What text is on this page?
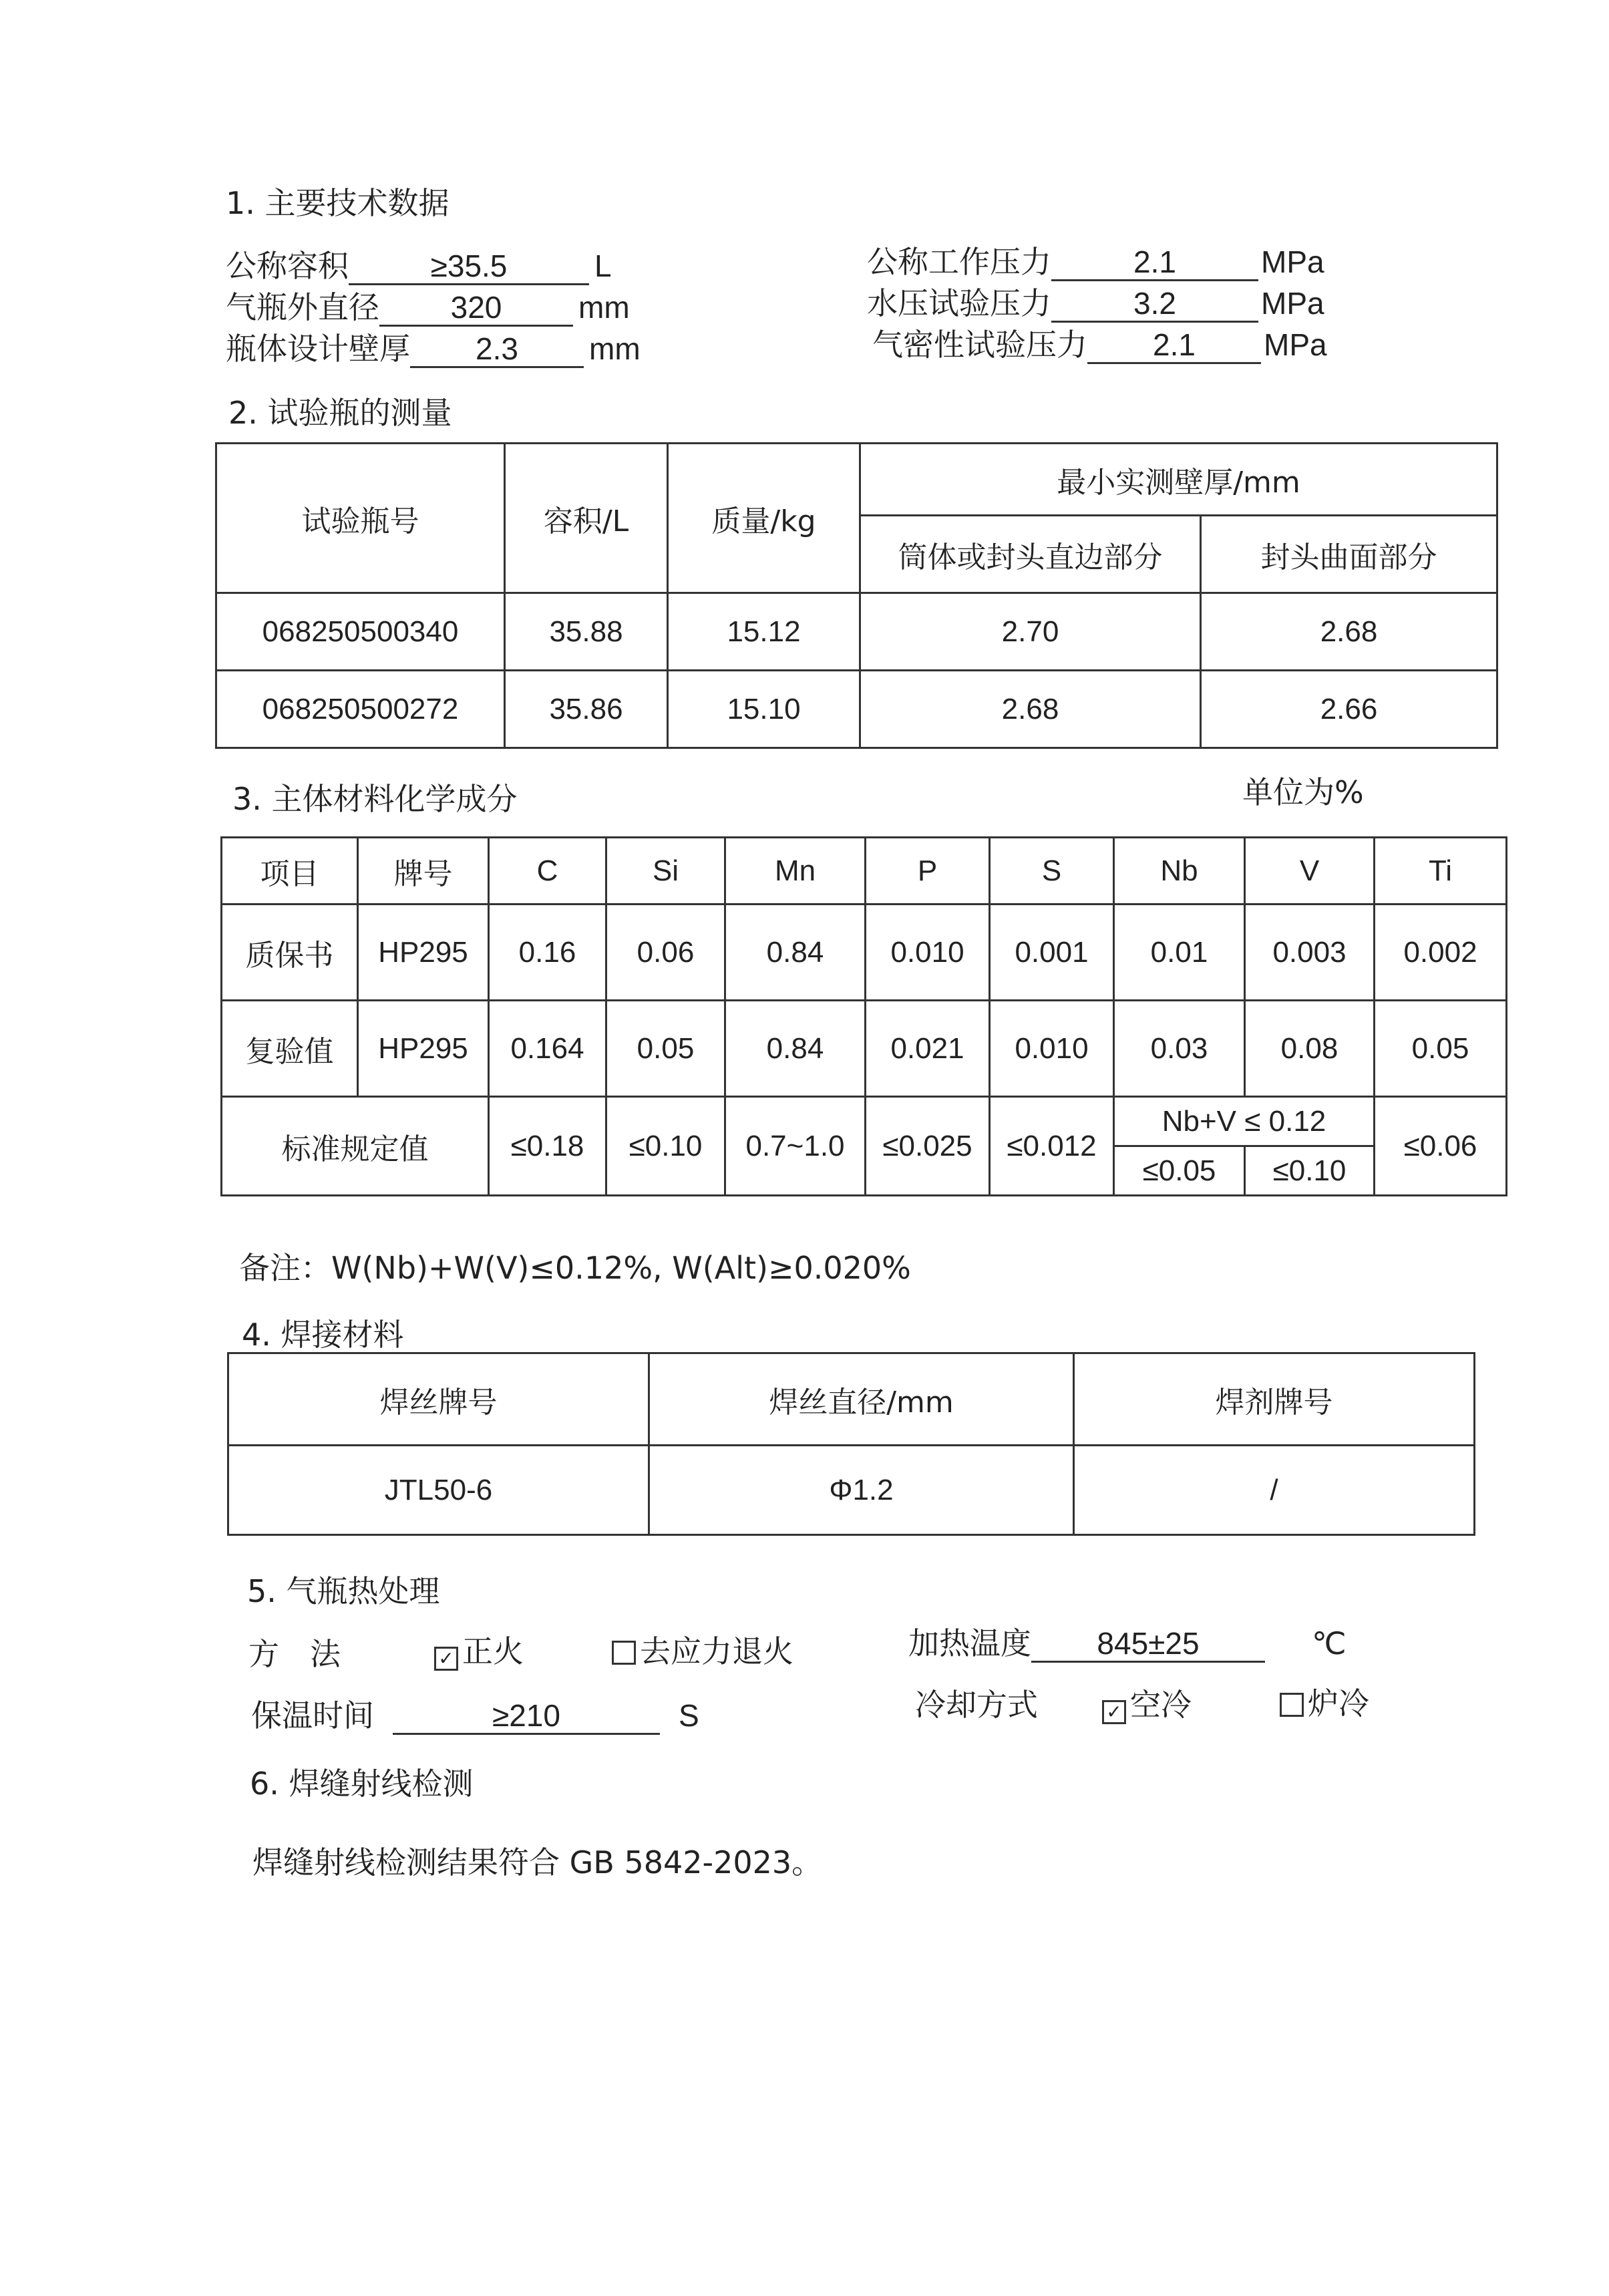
1. 主要技术数据
公称容积	≥35.5	L
气瓶外直径 320 mm
瓶体设计壁厚 2.3 mm
公称工作压力	2.1	MPa
水压试验压力	3.2	MPa
气密性试验压力 2.1 MPa
2. 试验瓶的测量
试验瓶号	容积/L	质量/kg	最小实测壁厚/mm	
			筒体或封头直边部分	封头曲面部分
068250500340	35.88	15.12	2.70	2.68
068250500272	35.86	15.10	2.68	2.66
3. 主体材料化学成分	单位为%
项目	牌号	C	Si	Mn	P	S	Nb	V	Ti
质保书	HP295	0.16	0.06	0.84	0.010	0.001	0.01	0.003	0.002
复验值	HP295	0.164	0.05	0.84	0.021	0.010	0.03	0.08	0.05
标准规定值		≤0.18	≤0.10	0.7~1.0	≤0.025	≤0.012	Nb+V ≤ 0.12		≤0.06
							≤0.05	≤0.10	
备注：W(Nb)+W(V)≤0.12%, W(Alt)≥0.020%
4. 焊接材料
焊丝牌号	焊丝直径/mm	焊剂牌号
JTL50-6	Φ1.2	/
5. 气瓶热处理
方　法	✓ 正火	去应力退火	加热温度 845±25	℃
保温时间	≥210	S	冷却方式	✓ 空冷	炉冷
6. 焊缝射线检测
焊缝射线检测结果符合 GB 5842-2023。
